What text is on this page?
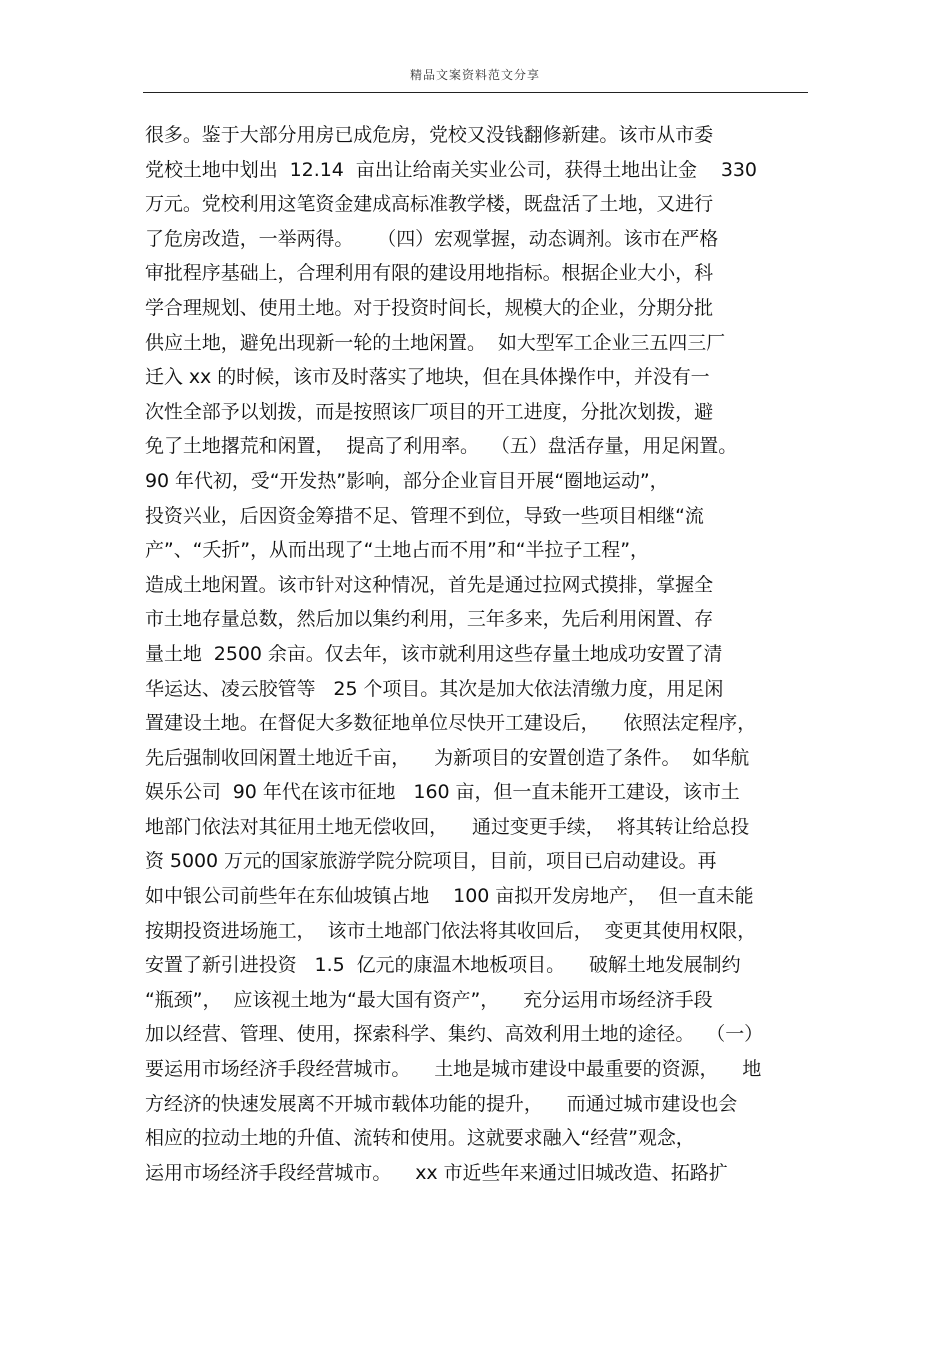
精品文案资料范文分享
很多。鉴于大部分用房已成危房，党校又没钱翻修新建。该市从市委
党校土地中划出  12.14  亩出让给南关实业公司，获得土地出让金    330
万元。党校利用这笔资金建成高标准教学楼，既盘活了土地，又进行
了危房改造，一举两得。    （四）宏观掌握，动态调剂。该市在严格
审批程序基础上，合理利用有限的建设用地指标。根据企业大小，科
学合理规划、使用土地。对于投资时间长，规模大的企业，分期分批
供应土地，避免出现新一轮的土地闲置。  如大型军工企业三五四三厂
迁入 xx 的时候，该市及时落实了地块，但在具体操作中，并没有一
次性全部予以划拨，而是按照该厂项目的开工进度，分批次划拨，避
免了土地撂荒和闲置，  提高了利用率。  （五）盘活存量，用足闲置。
90 年代初，受“开发热”影响，部分企业盲目开展“圈地运动”，
投资兴业，后因资金筹措不足、管理不到位，导致一些项目相继“流
产”、“夭折”，从而出现了“土地占而不用”和“半拉子工程”，
造成土地闲置。该市针对这种情况，首先是通过拉网式摸排，掌握全
市土地存量总数，然后加以集约利用，三年多来，先后利用闲置、存
量土地  2500 余亩。仅去年，该市就利用这些存量土地成功安置了清
华运达、凌云胶管等   25 个项目。其次是加大依法清缴力度，用足闲
置建设土地。在督促大多数征地单位尽快开工建设后，    依照法定程序，
先后强制收回闲置土地近千亩，    为新项目的安置创造了条件。  如华航
娱乐公司  90 年代在该市征地   160 亩，但一直未能开工建设，该市土
地部门依法对其征用土地无偿收回，    通过变更手续，  将其转让给总投
资 5000 万元的国家旅游学院分院项目，目前，项目已启动建设。再
如中银公司前些年在东仙坡镇占地    100 亩拟开发房地产，  但一直未能
按期投资进场施工，  该市土地部门依法将其收回后，  变更其使用权限，
安置了新引进投资   1.5  亿元的康温木地板项目。    破解土地发展制约
“瓶颈”，  应该视土地为“最大国有资产”，    充分运用市场经济手段
加以经营、管理、使用，探索科学、集约、高效利用土地的途径。  （一）
要运用市场经济手段经营城市。    土地是城市建设中最重要的资源，    地
方经济的快速发展离不开城市载体功能的提升，    而通过城市建设也会
相应的拉动土地的升值、流转和使用。这就要求融入“经营”观念，
运用市场经济手段经营城市。    xx 市近些年来通过旧城改造、拓路扩
